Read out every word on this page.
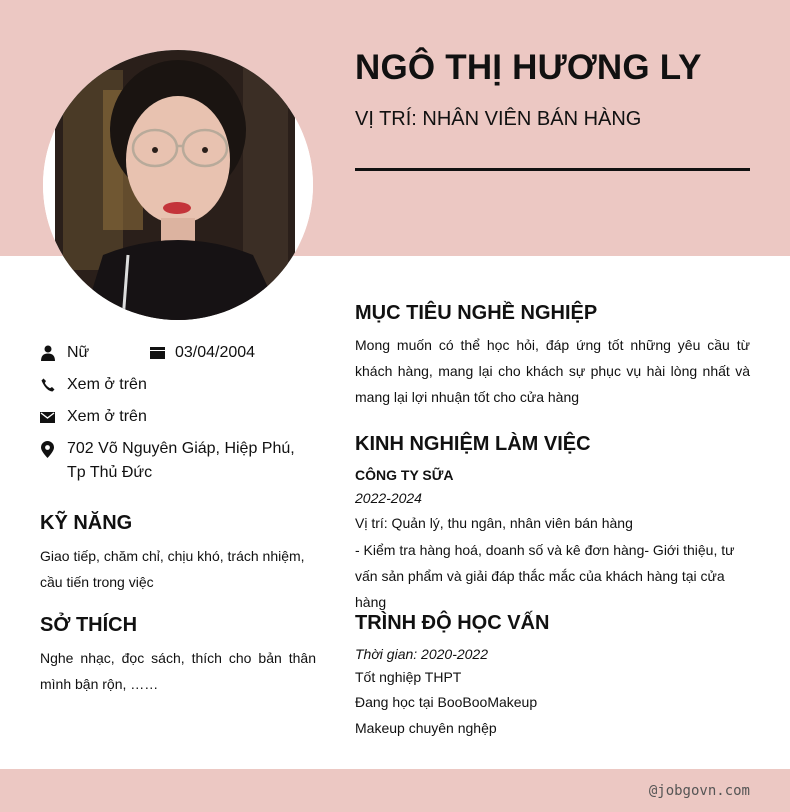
NGÔ THỊ HƯƠNG LY
VỊ TRÍ: NHÂN VIÊN BÁN HÀNG
Nữ	03/04/2004
Xem ở trên
Xem ở trên
702 Võ Nguyên Giáp, Hiệp Phú, Tp Thủ Đức
KỸ NĂNG
Giao tiếp, chăm chỉ, chịu khó, trách nhiệm, cầu tiến trong việc
SỞ THÍCH
Nghe nhạc, đọc sách, thích cho bản thân mình bận rộn, ……
MỤC TIÊU NGHỀ NGHIỆP
Mong muốn có thể học hỏi, đáp ứng tốt những yêu cầu từ khách hàng, mang lại cho khách sự phục vụ hài lòng nhất và mang lại lợi nhuận tốt cho cửa hàng
KINH NGHIỆM LÀM VIỆC
CÔNG TY SỮA
2022-2024
Vị trí: Quản lý, thu ngân, nhân viên bán hàng
- Kiểm tra hàng hoá, doanh số và kê đơn hàng- Giới thiệu, tư vấn sản phẩm và giải đáp thắc mắc của khách hàng tại cửa hàng
TRÌNH ĐỘ HỌC VẤN
Thời gian: 2020-2022
Tốt nghiệp THPT
Đang học tại BooBooMakeup
Makeup chuyên nghệp
@jobgovn.com
